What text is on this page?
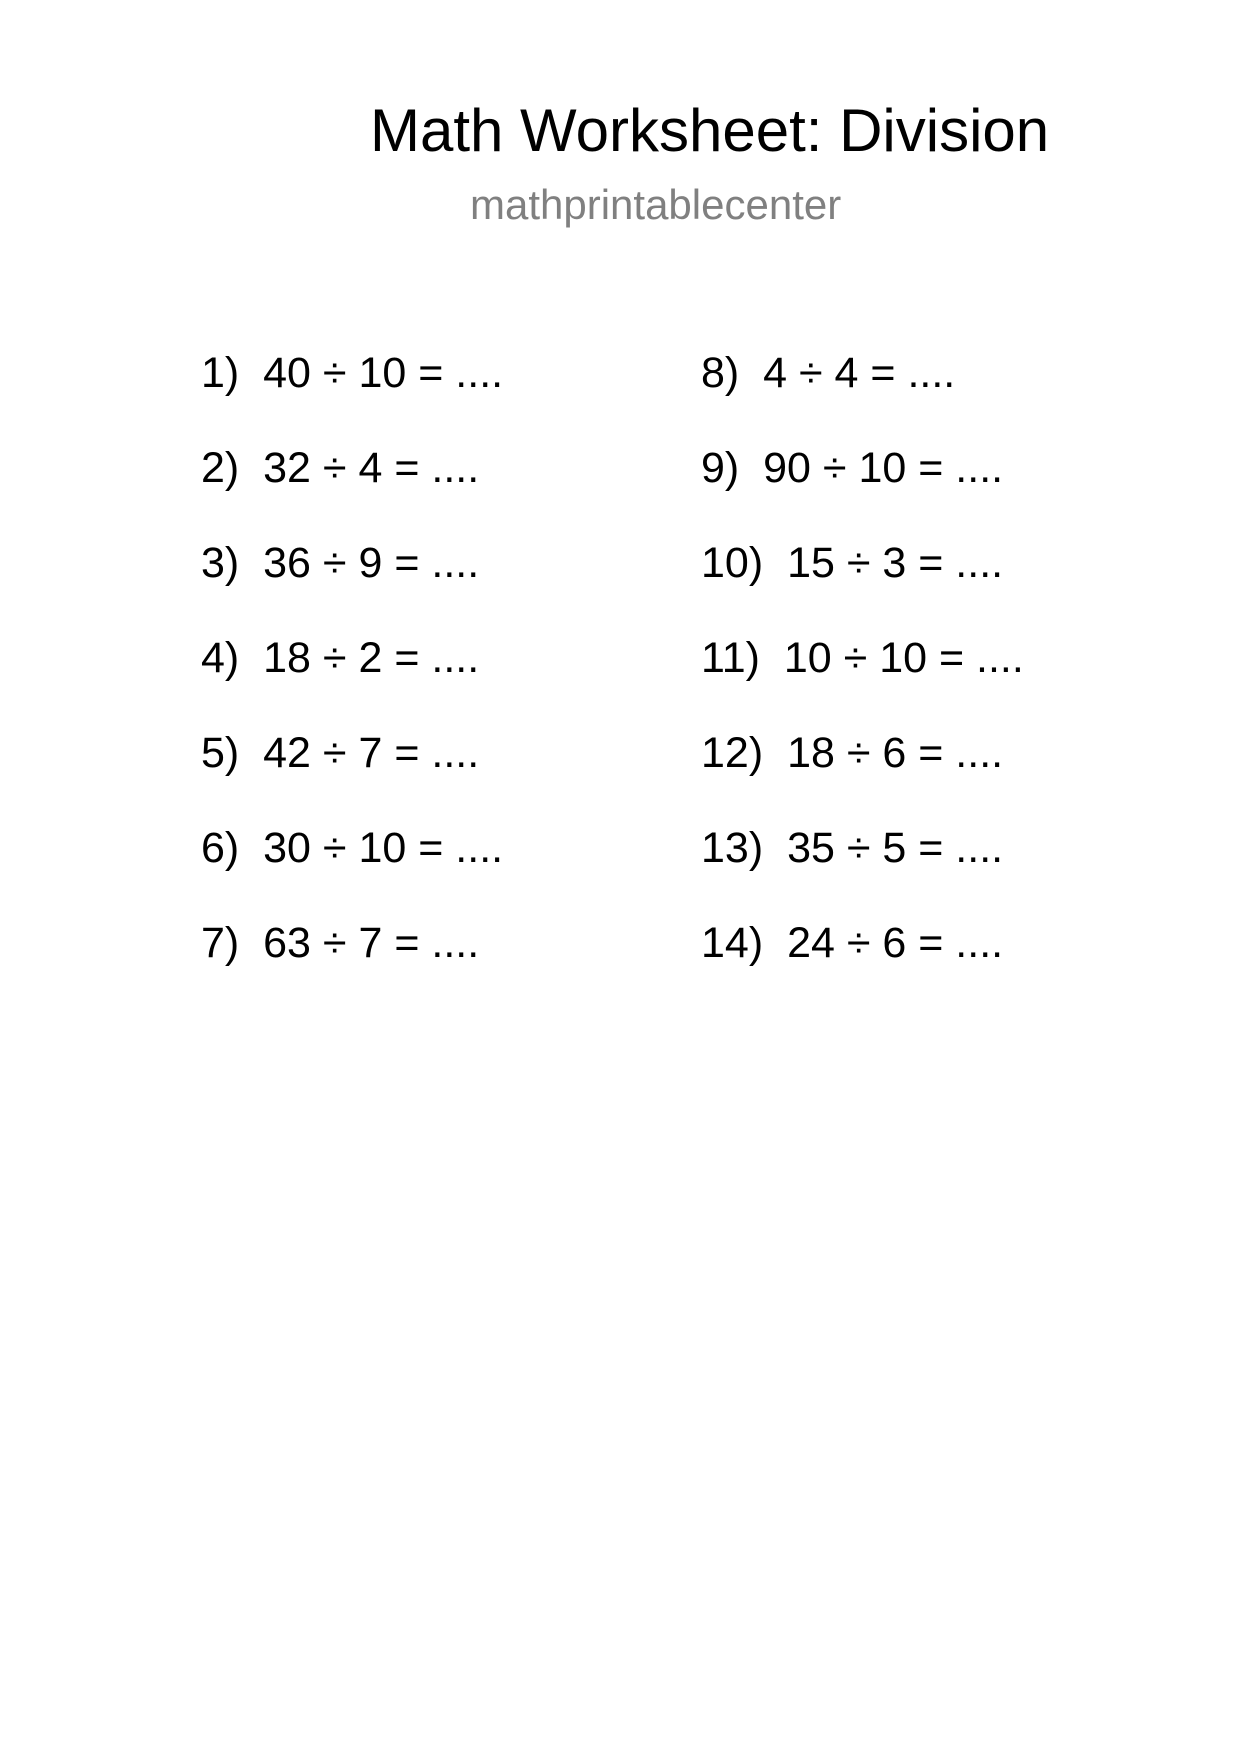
Math Worksheet: Division
mathprintablecenter
1) 40 ÷ 10 = ....
2) 32 ÷ 4 = ....
3) 36 ÷ 9 = ....
4) 18 ÷ 2 = ....
5) 42 ÷ 7 = ....
6) 30 ÷ 10 = ....
7) 63 ÷ 7 = ....
8) 4 ÷ 4 = ....
9) 90 ÷ 10 = ....
10) 15 ÷ 3 = ....
11) 10 ÷ 10 = ....
12) 18 ÷ 6 = ....
13) 35 ÷ 5 = ....
14) 24 ÷ 6 = ....
